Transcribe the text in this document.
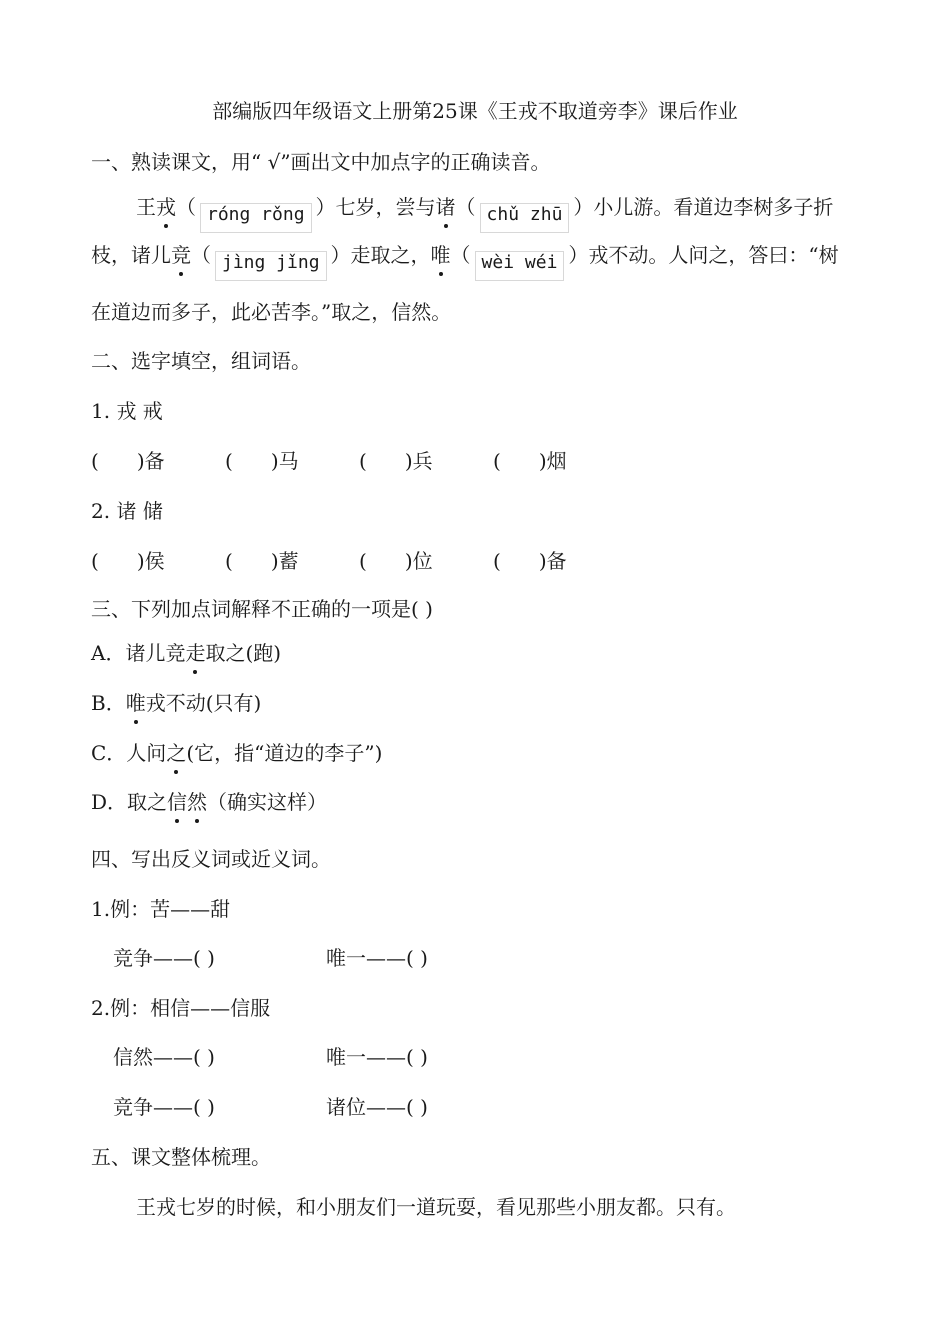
部编版四年级语文上册第25课《王戎不取道旁李》课后作业
一、熟读课文，用“ √”画出文中加点字的正确读音。
王戎（ róng rǒng ）七岁，尝与诸（ chǔ zhū ）小儿游。看道边李树多子折
枝，诸儿竞（ jìng jǐng ）走取之，唯（ wèi wéi ）戎不动。人问之，答曰：“树
在道边而多子，此必苦李。”取之，信然。
二、选字填空，组词语。
1. 戎 戒
( )备	( )马	( )兵	( )烟
2. 诸 储
( )侯	( )蓄	( )位	( )备
三、下列加点词解释不正确的一项是( )
A．诸儿竞走取之(跑)
B．唯戎不动(只有)
C．人问之(它，指“道边的李子”)
D．取之信然（确实这样）
四、写出反义词或近义词。
1.例：苦——甜
竞争——( )	唯一——( )
2.例：相信——信服
信然——( )	唯一——( )
竞争——( )	诸位——( )
五、课文整体梳理。
王戎七岁的时候，和小朋友们一道玩耍，看见那些小朋友都。只有。
